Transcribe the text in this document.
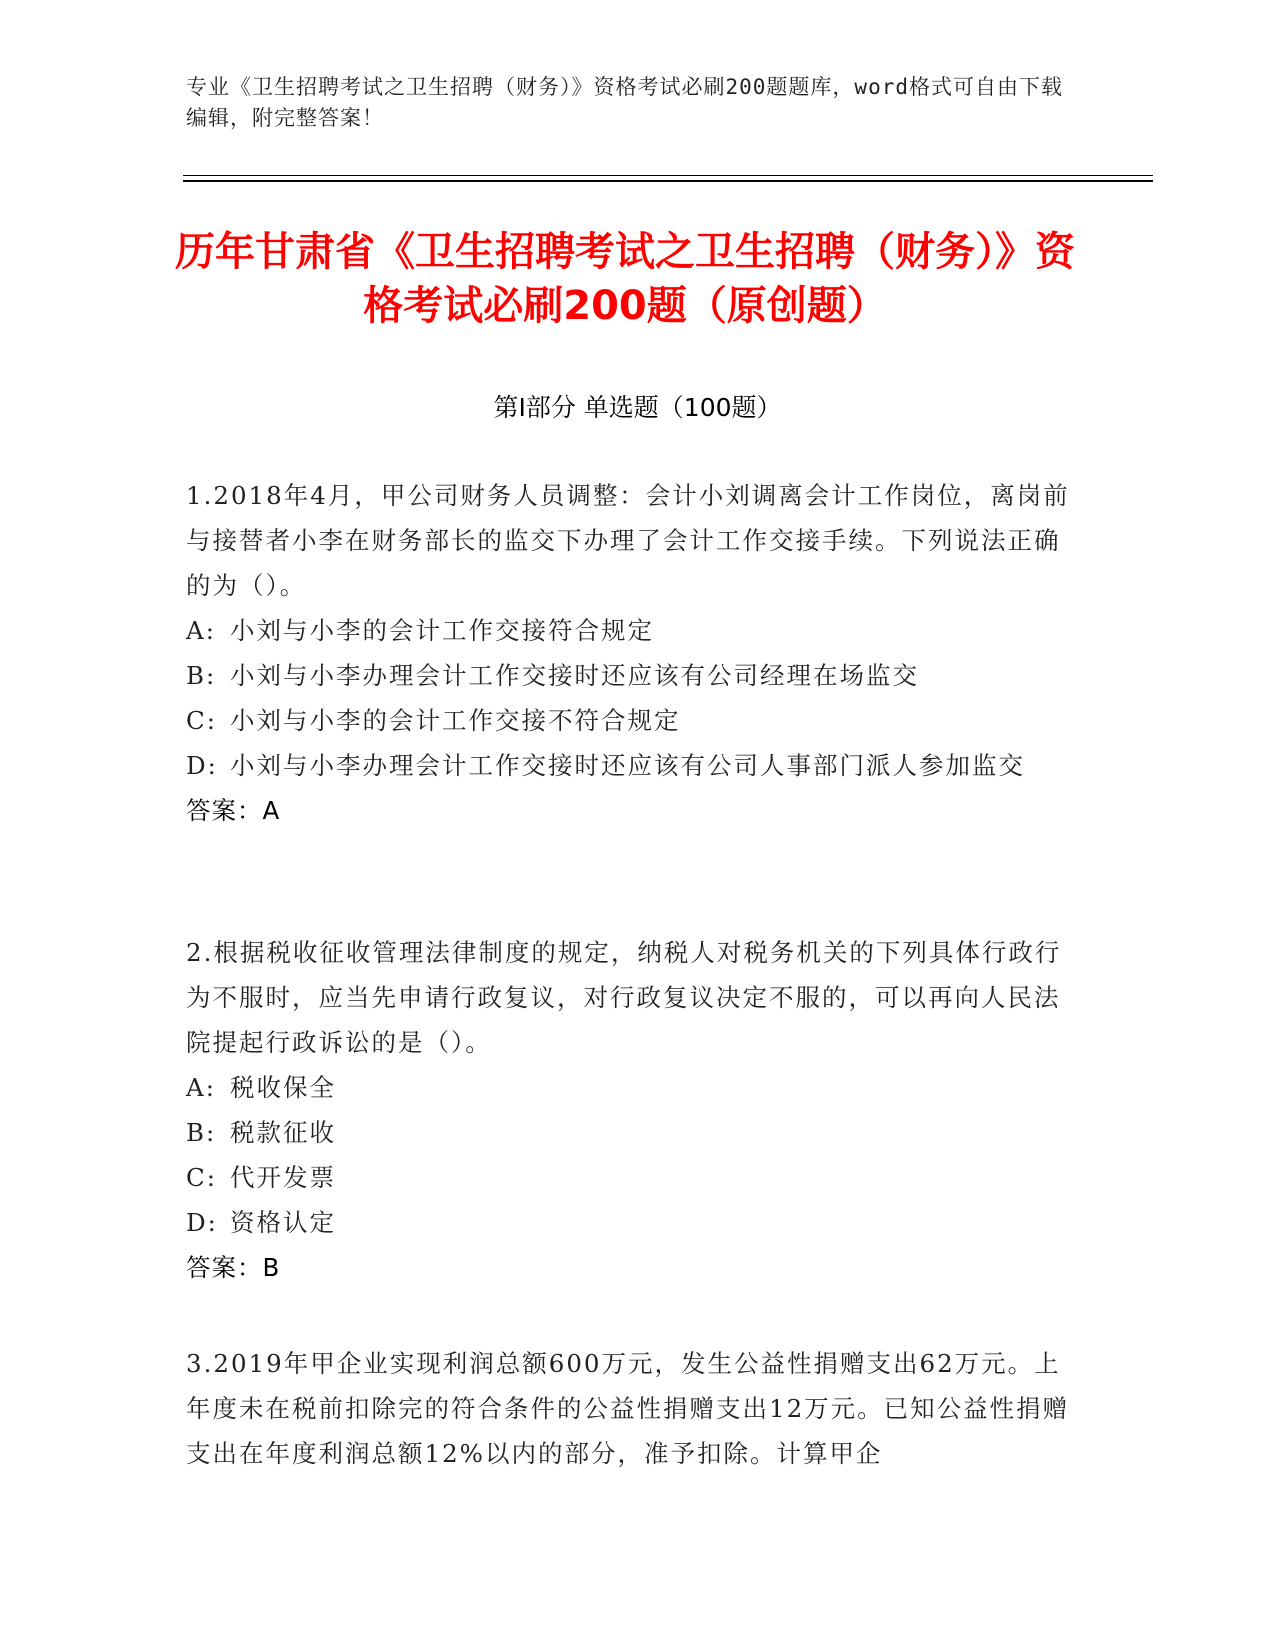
专业《卫生招聘考试之卫生招聘（财务）》资格考试必刷200题题库，word格式可自由下载编辑，附完整答案！
历年甘肃省《卫生招聘考试之卫生招聘（财务）》资格考试必刷200题（原创题）
第Ⅰ部分 单选题（100题）
1.2018年4月，甲公司财务人员调整：会计小刘调离会计工作岗位，离岗前与接替者小李在财务部长的监交下办理了会计工作交接手续。下列说法正确的为（）。
A: 小刘与小李的会计工作交接符合规定
B: 小刘与小李办理会计工作交接时还应该有公司经理在场监交
C: 小刘与小李的会计工作交接不符合规定
D: 小刘与小李办理会计工作交接时还应该有公司人事部门派人参加监交
答案：A
2.根据税收征收管理法律制度的规定，纳税人对税务机关的下列具体行政行为不服时，应当先申请行政复议，对行政复议决定不服的，可以再向人民法院提起行政诉讼的是（）。
A: 税收保全
B: 税款征收
C: 代开发票
D: 资格认定
答案：B
3.2019年甲企业实现利润总额600万元，发生公益性捐赠支出62万元。上年度未在税前扣除完的符合条件的公益性捐赠支出12万元。已知公益性捐赠支出在年度利润总额12%以内的部分，准予扣除。计算甲企
